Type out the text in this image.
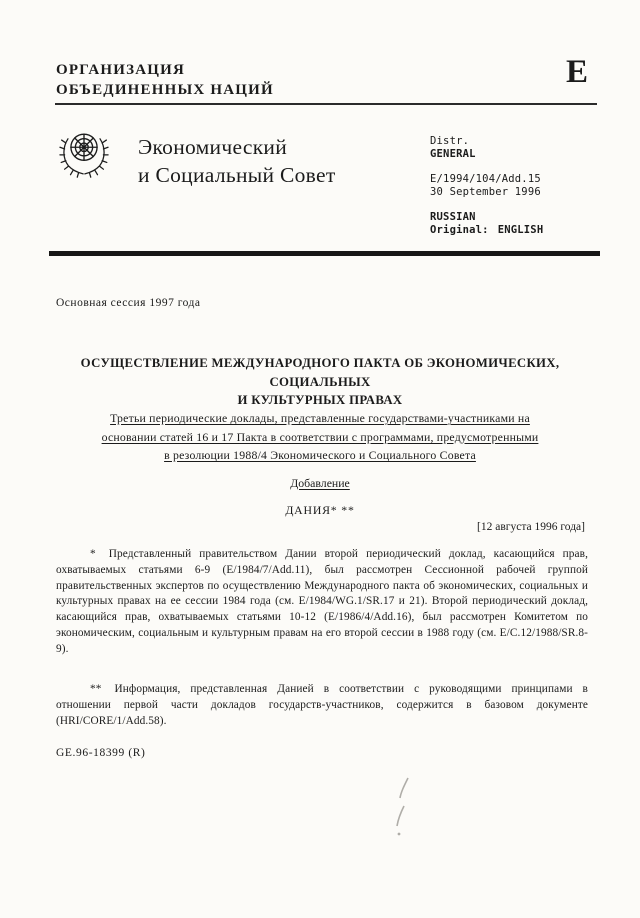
ОРГАНИЗАЦИЯ
ОБЪЕДИНЕННЫХ НАЦИЙ	E
Экономический
и Социальный Совет
Distr.
GENERAL
E/1994/104/Add.15
30 September 1996
RUSSIAN
Original: ENGLISH
Основная сессия 1997 года
ОСУЩЕСТВЛЕНИЕ МЕЖДУНАРОДНОГО ПАКТА ОБ ЭКОНОМИЧЕСКИХ, СОЦИАЛЬНЫХ
И КУЛЬТУРНЫХ ПРАВАХ
Третьи периодические доклады, представленные государствами-участниками на
основании статей 16 и 17 Пакта в соответствии с программами, предусмотренными
в резолюции 1988/4 Экономического и Социального Совета
Добавление
ДАНИЯ* **
[12 августа 1996 года]

* Представленный правительством Дании второй периодический доклад, касающийся прав, охватываемых статьями 6-9 (E/1984/7/Add.11), был рассмотрен Сессионной рабочей группой правительственных экспертов по осуществлению Международного пакта об экономических, социальных и культурных правах на ее сессии 1984 года (см. E/1984/WG.1/SR.17 и 21). Второй периодический доклад, касающийся прав, охватываемых статьями 10-12 (E/1986/4/Add.16), был рассмотрен Комитетом по экономическим, социальным и культурным правам на его второй сессии в 1988 году (см. E/C.12/1988/SR.8-9).

** Информация, представленная Данией в соответствии с руководящими принципами в отношении первой части докладов государств-участников, содержится в базовом документе (HRI/CORE/1/Add.58).

GE.96-18399 (R)
